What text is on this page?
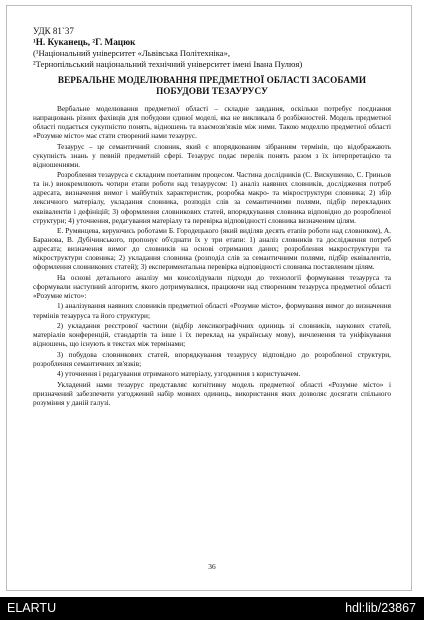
УДК 81`37
¹Н. Куканець, ²Г. Мацюк
(¹Національний університет «Львівська Політехніка»,
²Тернопільський національний технічний університет імені Івана Пулюя)
ВЕРБАЛЬНЕ МОДЕЛЮВАННЯ ПРЕДМЕТНОЇ ОБЛАСТІ ЗАСОБАМИ
ПОБУДОВИ ТЕЗАУРУСУ

Вербальне моделювання предметної області – складне завдання, оскільки потребує поєднання напрацювань різних фахівців для побудови єдиної моделі, яка не викликала б розбіжностей. Модель предметної області подається сукупністю понять, відношень та взаємозв'язків між ними. Такою моделлю предметної області «Розумне місто» має стати створений нами тезаурус.

Тезаурус – це семантичний словник, який є впорядкованим зібранням термінів, що відображають сукупність знань у певній предметній сфері. Тезаурус подає перелік понять разом з їх інтерпретацією та відношеннями.

Розроблення тезауруса є складним поетапним процесом. Частина дослідників (С. Вискушенко, С. Гриньов та ін.) виокремлюють чотири етапи роботи над тезаурусом: 1) аналіз наявних словників, дослідження потреб адресата, визначення вимог і майбутніх характеристик, розробка макро- та мікроструктури словника; 2) збір лексичного матеріалу, укладання словника, розподіл слів за семантичними полями, підбір перекладних еквівалентів і дефініцій; 3) оформлення словникових статей, впорядкування словника відповідно до розробленої структури; 4) уточнення, редагування матеріалу та перевірка відповідності словника визначеним цілям.

Е. Румянцева, керуючись роботами Б. Городецького (який виділяв десять етапів роботи над словником), А. Баранова, В. Дубічинського, пропонує об'єднати їх у три етапи: 1) аналіз словників та дослідження потреб адресата; визначення вимог до словників на основі отриманих даних; розроблення макроструктури та мікроструктури словника; 2) укладання словника (розподіл слів за семантичними полями, підбір еквівалентів, оформлення словникових статей); 3) експериментальна перевірка відповідності словника поставленим цілям.

На основі детального аналізу ми консолідували підходи до технології формування тезауруса та сформували наступний алгоритм, якого дотримувалися, працюючи над створенням тезауруса предметної області «Розумне місто»:

1) аналізування наявних словників предметної області «Розумне місто», формування вимог до визначення термінів тезауруса та його структури;

2) укладання реєстрової частини (відбір лексикографічних одиниць зі словників, наукових статей, матеріалів конференцій, стандартів та інше і їх переклад на українську мову), вичленення та уніфікування відношень, що існують в текстах між термінами;

3) побудова словникових статей, впорядкування тезаурусу відповідно до розробленої структури, розроблення семантичних зв'язків;

4) уточнення і редагування отриманого матеріалу, узгодження з користувачем.

Укладений нами тезаурус представляє когнітивну модель предметної області «Розумне місто» і призначений забезпечити узгоджений набір мовних одиниць, використання яких дозволяє досягати спільного розуміння у даній галузі.

36
ELARTU	hdl:lib/23867
